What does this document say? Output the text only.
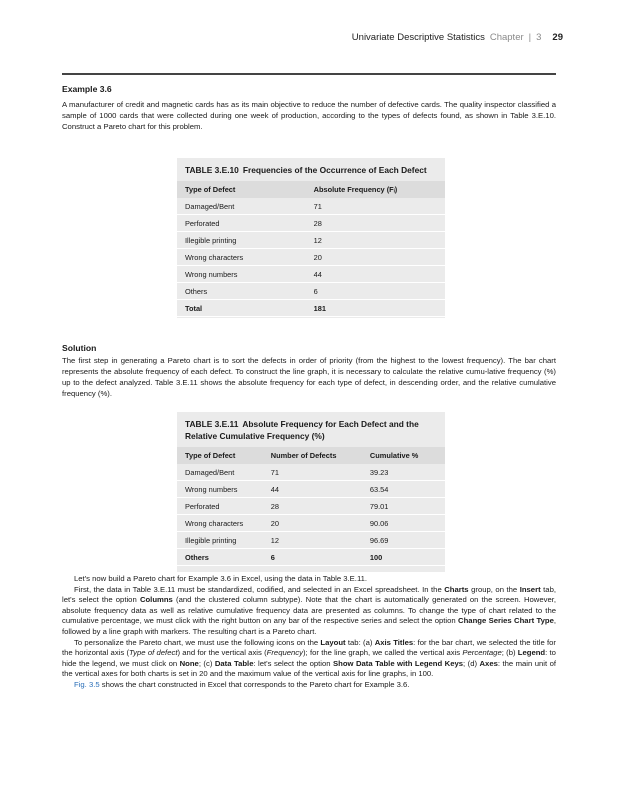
Univariate Descriptive Statistics Chapter | 3 29
Example 3.6

A manufacturer of credit and magnetic cards has as its main objective to reduce the number of defective cards. The quality inspector classified a sample of 1000 cards that were collected during one week of production, according to the types of defects found, as shown in Table 3.E.10. Construct a Pareto chart for this problem.

TABLE 3.E.10 Frequencies of the Occurrence of Each Defect
Type of Defect	Absolute Frequency (Fᵢ)
Damaged/Bent	71
Perforated	28
Illegible printing	12
Wrong characters	20
Wrong numbers	44
Others	6
Total	181
Solution

The first step in generating a Pareto chart is to sort the defects in order of priority (from the highest to the lowest frequency). The bar chart represents the absolute frequency of each defect. To construct the line graph, it is necessary to calculate the relative cumu-lative frequency (%) up to the defect analyzed. Table 3.E.11 shows the absolute frequency for each type of defect, in descending order, and the relative cumulative frequency (%).

TABLE 3.E.11 Absolute Frequency for Each Defect and the Relative Cumulative Frequency (%)
Type of Defect	Number of Defects	Cumulative %
Damaged/Bent	71	39.23
Wrong numbers	44	63.54
Perforated	28	79.01
Wrong characters	20	90.06
Illegible printing	12	96.69
Others	6	100

Let's now build a Pareto chart for Example 3.6 in Excel, using the data in Table 3.E.11.

First, the data in Table 3.E.11 must be standardized, codified, and selected in an Excel spreadsheet. In the Charts group, on the Insert tab, let's select the option Columns (and the clustered column subtype). Note that the chart is automatically generated on the screen. However, absolute frequency data as well as relative cumulative frequency data are presented as columns. To change the type of chart related to the cumulative percentage, we must click with the right button on any bar of the respective series and select the option Change Series Chart Type, followed by a line graph with markers. The resulting chart is a Pareto chart.

To personalize the Pareto chart, we must use the following icons on the Layout tab: (a) Axis Titles: for the bar chart, we selected the title for the horizontal axis (Type of defect) and for the vertical axis (Frequency); for the line graph, we called the vertical axis Percentage; (b) Legend: to hide the legend, we must click on None; (c) Data Table: let's select the option Show Data Table with Legend Keys; (d) Axes: the main unit of the vertical axes for both charts is set in 20 and the maximum value of the vertical axis for line graphs, in 100.

Fig. 3.5 shows the chart constructed in Excel that corresponds to the Pareto chart for Example 3.6.
